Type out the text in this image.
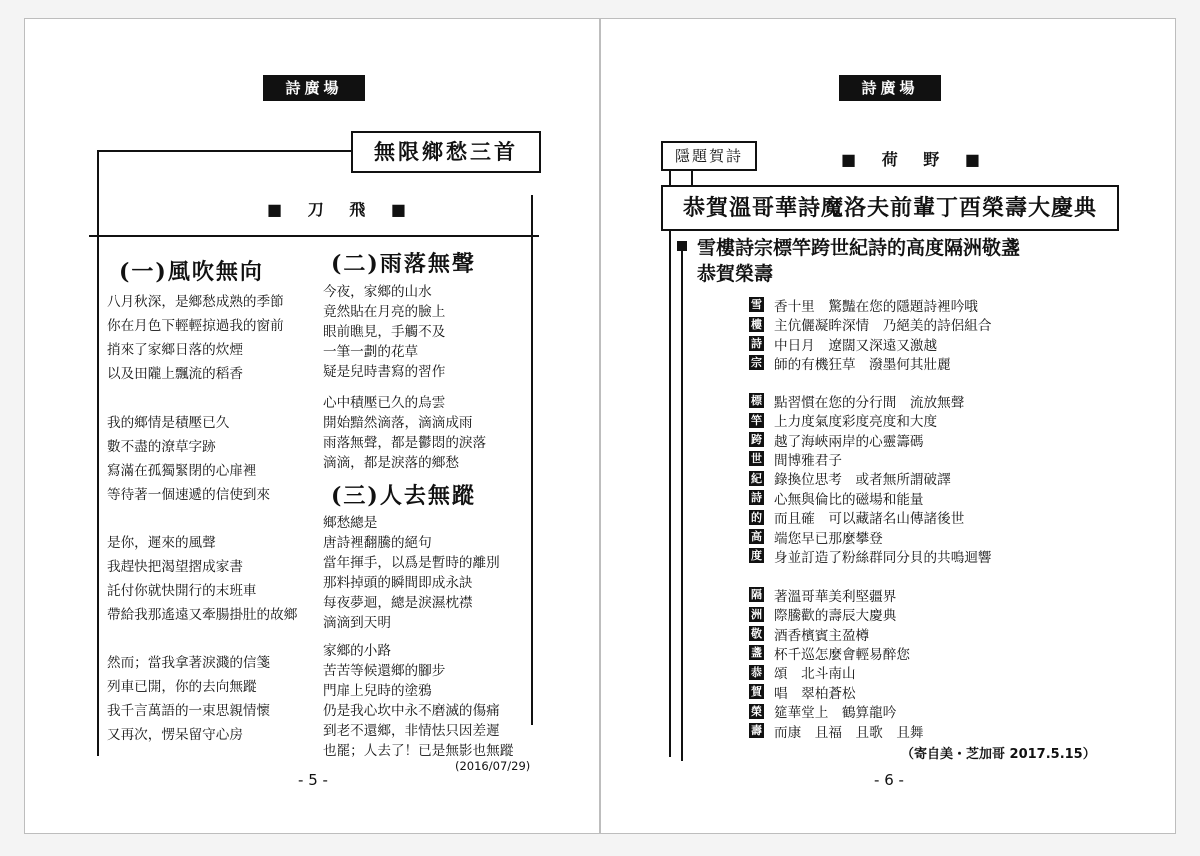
詩廣場
無限鄉愁三首
■ 刀 飛 ■
(一)風吹無向
八月秋深，是鄉愁成熟的季節
你在月色下輕輕掠過我的窗前
捎來了家鄉日落的炊煙
以及田隴上飄流的稻香
我的鄉情是積壓已久
數不盡的潦草字跡
寫滿在孤獨緊閉的心扉裡
等待著一個速遞的信使到來
是你，遲來的風聲
我趕快把渴望摺成家書
託付你就快開行的末班車
帶給我那遙遠又牽腸掛肚的故鄉
然而；當我拿著淚濺的信箋
列車已開，你的去向無蹤
我千言萬語的一束思親情懷
又再次，愣呆留守心房
(二)雨落無聲
今夜，家鄉的山水
竟然貼在月亮的臉上
眼前瞧見，手觸不及
一筆一劃的花草
疑是兒時書寫的習作
心中積壓已久的烏雲
開始黯然滴落，滴滴成雨
雨落無聲，都是鬱悶的淚落
滴滴，都是淚落的鄉愁
(三)人去無蹤
鄉愁總是
唐詩裡翻騰的絕句
當年揮手，以爲是暫時的離別
那料掉頭的瞬間即成永訣
每夜夢迴，總是淚濕枕襟
滴滴到天明
家鄉的小路
苦苦等候還鄉的腳步
門扉上兒時的塗鴉
仍是我心坎中永不磨滅的傷痛
到老不還鄉，非情怯只因差遲
也罷；人去了！已是無影也無蹤
(2016/07/29)
- 5 -
詩廣場
隱題賀詩	■ 荷 野 ■
恭賀溫哥華詩魔洛夫前輩丁酉榮壽大慶典
雪樓詩宗標竿跨世紀詩的高度隔洲敬盞
恭賀榮壽
雪 香十里　驚豔在您的隱題詩裡吟哦
樓 主伉儷凝眸深情　乃絕美的詩侶組合
詩 中日月　遼闊又深遠又激越
宗 師的有機狂草　潑墨何其壯麗
標 點習慣在您的分行間　流放無聲
竿 上力度氣度彩度亮度和大度
跨 越了海峽兩岸的心靈籌碼
世 間博雅君子
紀 錄換位思考　或者無所謂破譯
詩 心無與倫比的磁場和能量
的 而且確　可以藏諸名山傳諸後世
高 端您早已那麼攀登
度 身並訂造了粉絲群同分貝的共鳴迴響
隔 著溫哥華美利堅疆界
洲 際騰歡的壽辰大慶典
敬 酒香檳賓主盈樽
盞 杯千巡怎麼會輕易醉您
恭 頌　北斗南山
賀 唱　翠柏蒼松
榮 筵華堂上　鶴算龍吟
壽 而康　且福　且歌　且舞
（寄自美・芝加哥 2017.5.15）
- 6 -
